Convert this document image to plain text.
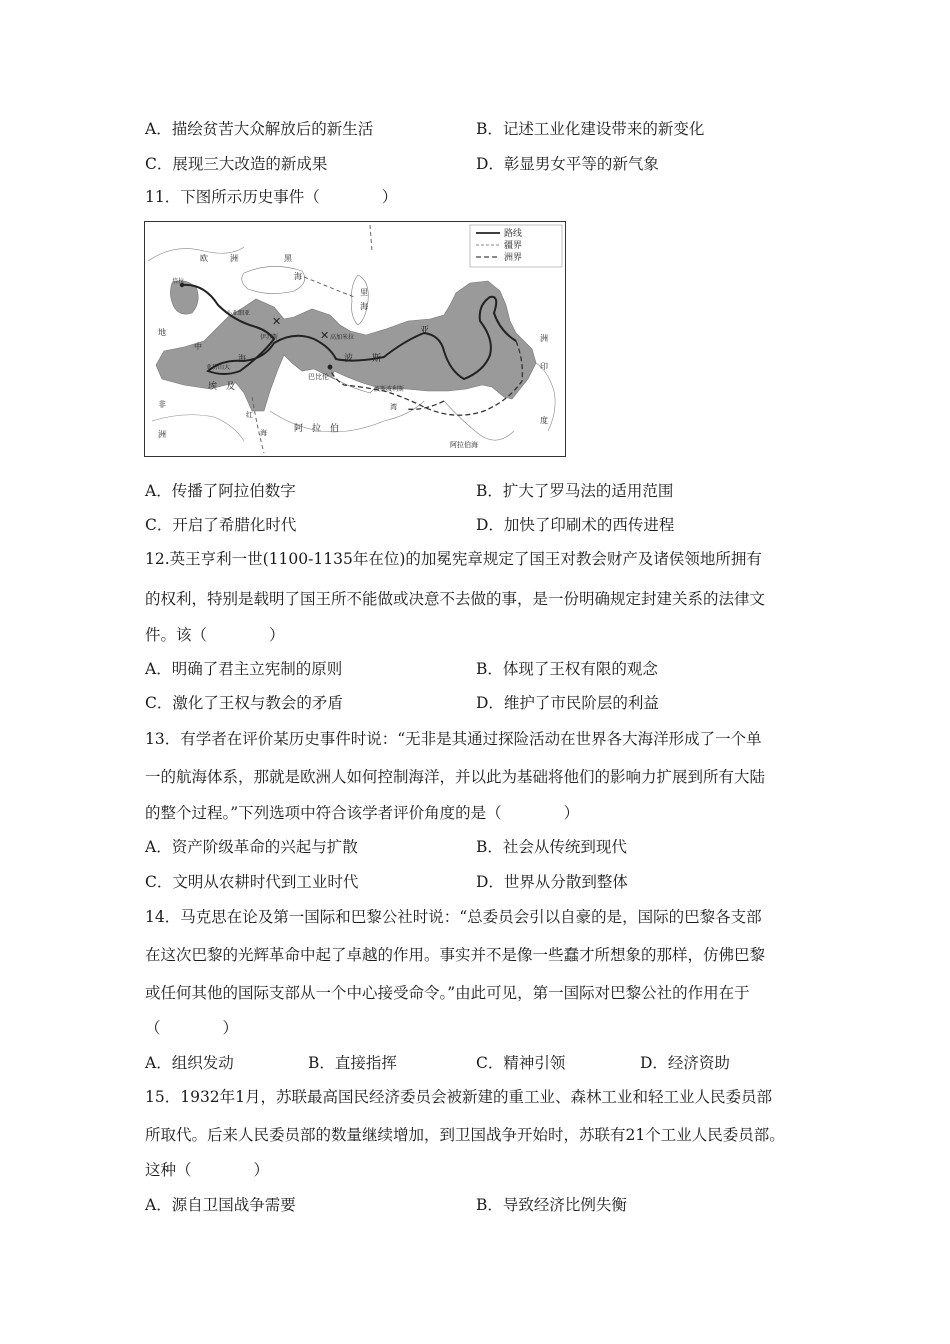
A．描绘贫苦大众解放后的新生活	B．记述工业化建设带来的新变化
C．展现三大改造的新成果	D．彰显男女平等的新气象
11．下图所示历史事件（　　　　）
✕
✕
路线
疆界
洲界
欧	洲	黑
海
里
海
培拉
小亚细亚
伊苏斯	高加米拉
地
中
海
亚历山大
巴比伦
波 斯
波斯波利斯
埃 及
红
海	阿 拉 伯
非
洲
亚
洲
印
度
阿拉伯海
湾
A．传播了阿拉伯数字	B．扩大了罗马法的适用范围
C．开启了希腊化时代	D．加快了印刷术的西传进程
12.英王亨利一世(1100-1135年在位)的加冕宪章规定了国王对教会财产及诸侯领地所拥有
的权利，特别是载明了国王所不能做或决意不去做的事，是一份明确规定封建关系的法律文
件。该（　　　　）
A．明确了君主立宪制的原则	B．体现了王权有限的观念
C．激化了王权与教会的矛盾	D．维护了市民阶层的利益
13．有学者在评价某历史事件时说：“无非是其通过探险活动在世界各大海洋形成了一个单
一的航海体系，那就是欧洲人如何控制海洋，并以此为基础将他们的影响力扩展到所有大陆
的整个过程。”下列选项中符合该学者评价角度的是（　　　　）
A．资产阶级革命的兴起与扩散	B．社会从传统到现代
C．文明从农耕时代到工业时代	D．世界从分散到整体
14．马克思在论及第一国际和巴黎公社时说：“总委员会引以自豪的是，国际的巴黎各支部
在这次巴黎的光辉革命中起了卓越的作用。事实并不是像一些蠢才所想象的那样，仿佛巴黎
或任何其他的国际支部从一个中心接受命令。”由此可见，第一国际对巴黎公社的作用在于
（　　　　）
A．组织发动	B．直接指挥	C．精神引领	D．经济资助
15．1932年1月，苏联最高国民经济委员会被新建的重工业、森林工业和轻工业人民委员部
所取代。后来人民委员部的数量继续增加，到卫国战争开始时，苏联有21个工业人民委员部。
这种（　　　　）
A．源自卫国战争需要	B．导致经济比例失衡
